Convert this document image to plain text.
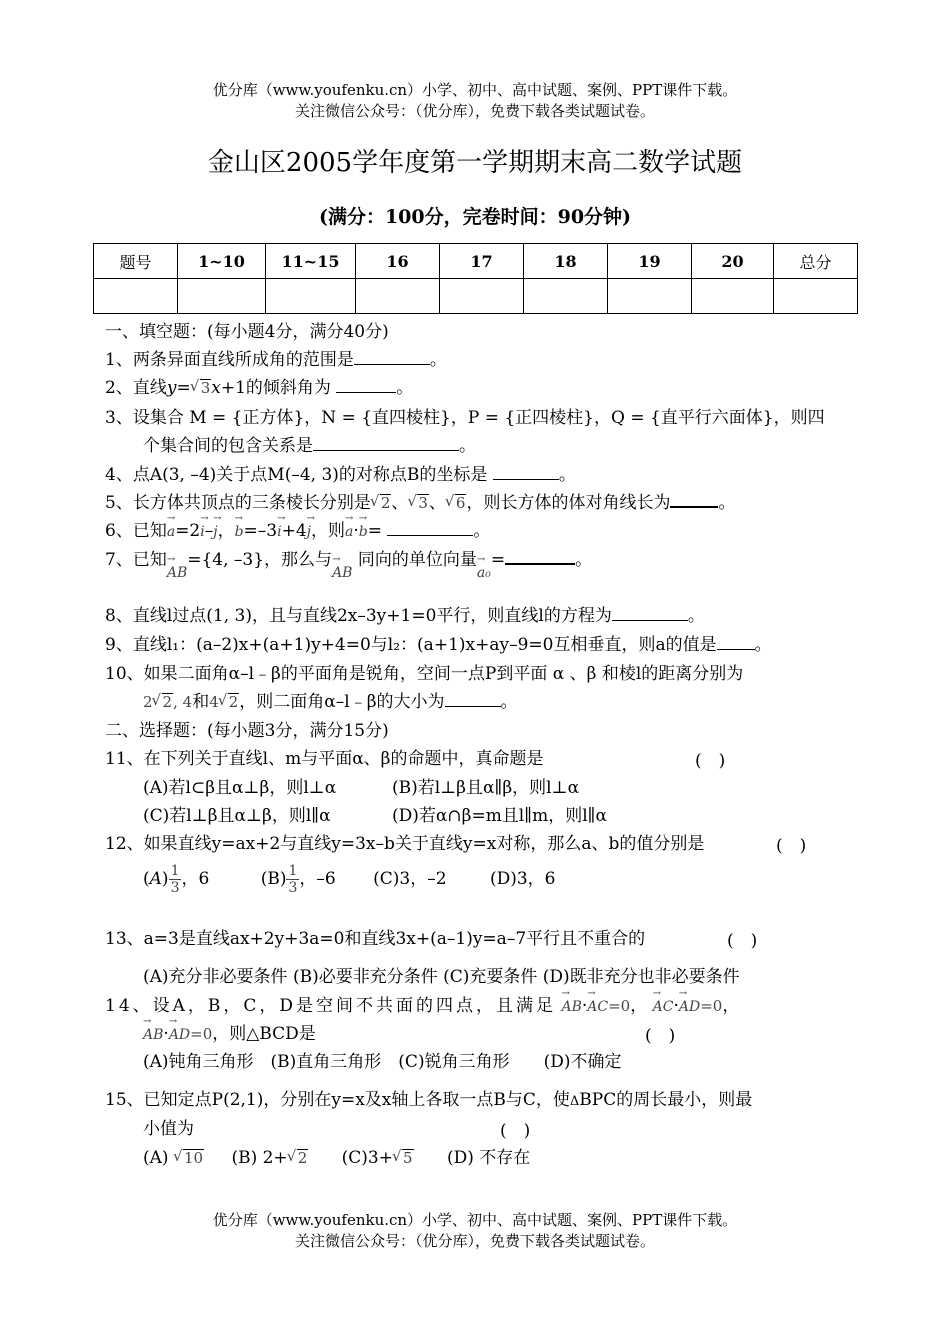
优分库（www.youfenku.cn）小学、初中、高中试题、案例、PPT课件下载。
关注微信公众号：（优分库），免费下载各类试题试卷。
金山区2005学年度第一学期期末高二数学试题
(满分：100分，完卷时间：90分钟)
题号	1~10	11~15	16	17	18	19	20	总分

一、填空题：(每小题4分，满分40分)
1、两条异面直线所成角的范围是	。
2、直线y= √ 3x+1的倾斜角为	。
3、设集合 M = {正方体}，N = {直四棱柱}，P = {正四棱柱}，Q = {直平行六面体}，则四
个集合间的包含关系是	。
4、点A(3, –4)关于点M(–4, 3)的对称点B的坐标是	。
5、长方体共顶点的三条棱长分别是 √ 2、 √ 3、 √ 6，则长方体的体对角线长为	。
6、已知→ a=2→ i–→ j，→ b=–3→ i+4→ j，则→ a·→ b=	。
7、已知→ AB={4, –3}，那么与→ AB 同向的单位向量→ a₀=	。
8、直线l过点(1, 3)，且与直线2x–3y+1=0平行，则直线l的方程为	。
9、直线l₁：(a–2)x+(a+1)y+4=0与l₂：(a+1)x+ay–9=0互相垂直，则a的值是 。
10、如果二面角α–l﹣β的平面角是锐角，空间一点P到平面 α 、β 和棱l的距离分别为
2 √ 2, 4和4 √ 2，则二面角α–l﹣β的大小为	。
二、选择题：(每小题3分，满分15分)
11、在下列关于直线l、m与平面α、β的命题中，真命题是	(　)
(A)若l⊂β且α⊥β，则l⊥α	(B)若l⊥β且α∥β，则l⊥α
(C)若l⊥β且α⊥β，则l∥α	(D)若α∩β=m且l∥m，则l∥α
12、如果直线y=ax+2与直线y=3x–b关于直线y=x对称，那么a、b的值分别是	(　)
$(A) \frac{1}{3}$ ，6	$(B) \frac{1}{3}$ ，–6 (C)3，–2	(D)3，6
13、a=3是直线ax+2y+3a=0和直线3x+(a–1)y=a–7平行且不重合的	(　)
(A)充分非必要条件 (B)必要非充分条件 (C)充要条件 (D)既非充分也非必要条件
14、设A，B，C，D是空间不共面的四点，且满足 → AB·→ AC=0， → AC·→ AD=0，
→ AB·→ AD=0，则△BCD是	(　)
(A)钝角三角形　(B)直角三角形　(C)锐角三角形　　(D)不确定
15、已知定点P(2,1)，分别在y=x及x轴上各取一点B与C，使ΔBPC的周长最小，则最
小值为	(　)
(A) √ 10 (B) 2+ √ 2 (C)3+ √ 5 (D) 不存在
优分库（www.youfenku.cn）小学、初中、高中试题、案例、PPT课件下载。
关注微信公众号：（优分库），免费下载各类试题试卷。
